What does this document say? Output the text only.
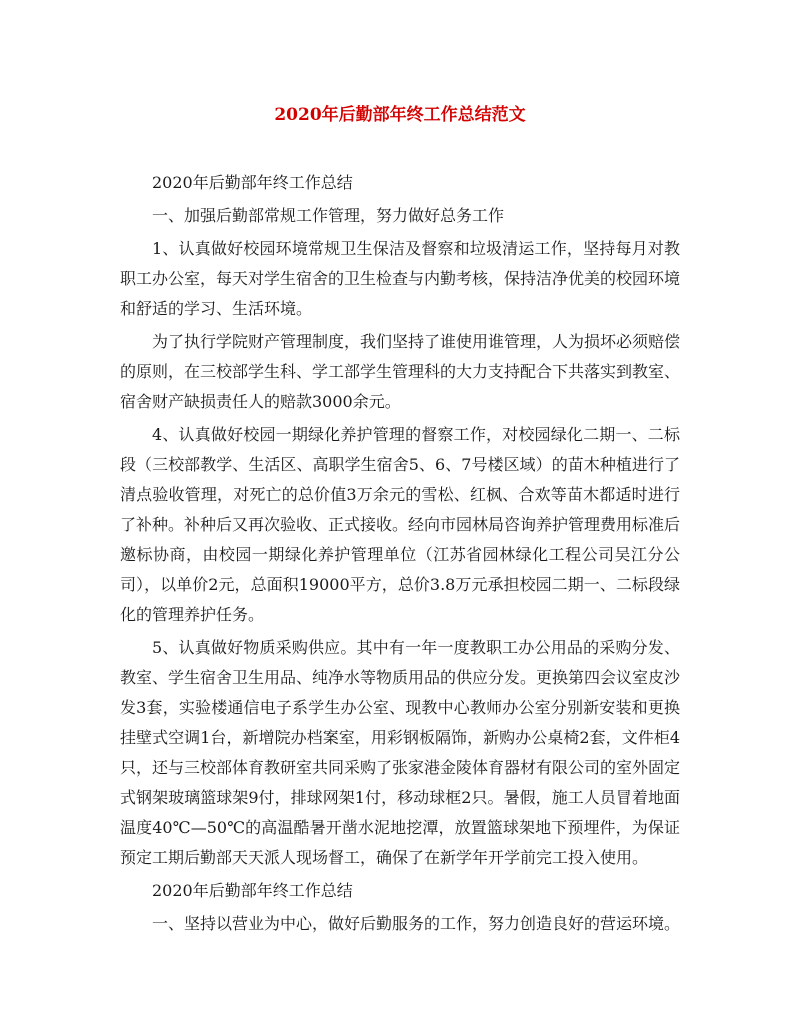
2020年后勤部年终工作总结范文

2020年后勤部年终工作总结

一、加强后勤部常规工作管理，努力做好总务工作

1、认真做好校园环境常规卫生保洁及督察和垃圾清运工作，坚持每月对教职工办公室，每天对学生宿舍的卫生检查与内勤考核，保持洁净优美的校园环境和舒适的学习、生活环境。

为了执行学院财产管理制度，我们坚持了谁使用谁管理，人为损坏必须赔偿的原则，在三校部学生科、学工部学生管理科的大力支持配合下共落实到教室、宿舍财产缺损责任人的赔款3000余元。

4、认真做好校园一期绿化养护管理的督察工作，对校园绿化二期一、二标段（三校部教学、生活区、高职学生宿舍5、6、7号楼区域）的苗木种植进行了清点验收管理，对死亡的总价值3万余元的雪松、红枫、合欢等苗木都适时进行了补种。补种后又再次验收、正式接收。经向市园林局咨询养护管理费用标准后邀标协商，由校园一期绿化养护管理单位（江苏省园林绿化工程公司吴江分公司），以单价2元，总面积19000平方，总价3.8万元承担校园二期一、二标段绿化的管理养护任务。

5、认真做好物质采购供应。其中有一年一度教职工办公用品的采购分发、教室、学生宿舍卫生用品、纯净水等物质用品的供应分发。更换第四会议室皮沙发3套，实验楼通信电子系学生办公室、现教中心教师办公室分别新安装和更换挂壁式空调1台，新增院办档案室，用彩钢板隔饰，新购办公桌椅2套，文件柜4只，还与三校部体育教研室共同采购了张家港金陵体育器材有限公司的室外固定式钢架玻璃篮球架9付，排球网架1付，移动球框2只。暑假，施工人员冒着地面温度40℃—50℃的高温酷暑开凿水泥地挖潭，放置篮球架地下预埋件，为保证预定工期后勤部天天派人现场督工，确保了在新学年开学前完工投入使用。

2020年后勤部年终工作总结

一、坚持以营业为中心，做好后勤服务的工作，努力创造良好的营运环境。
